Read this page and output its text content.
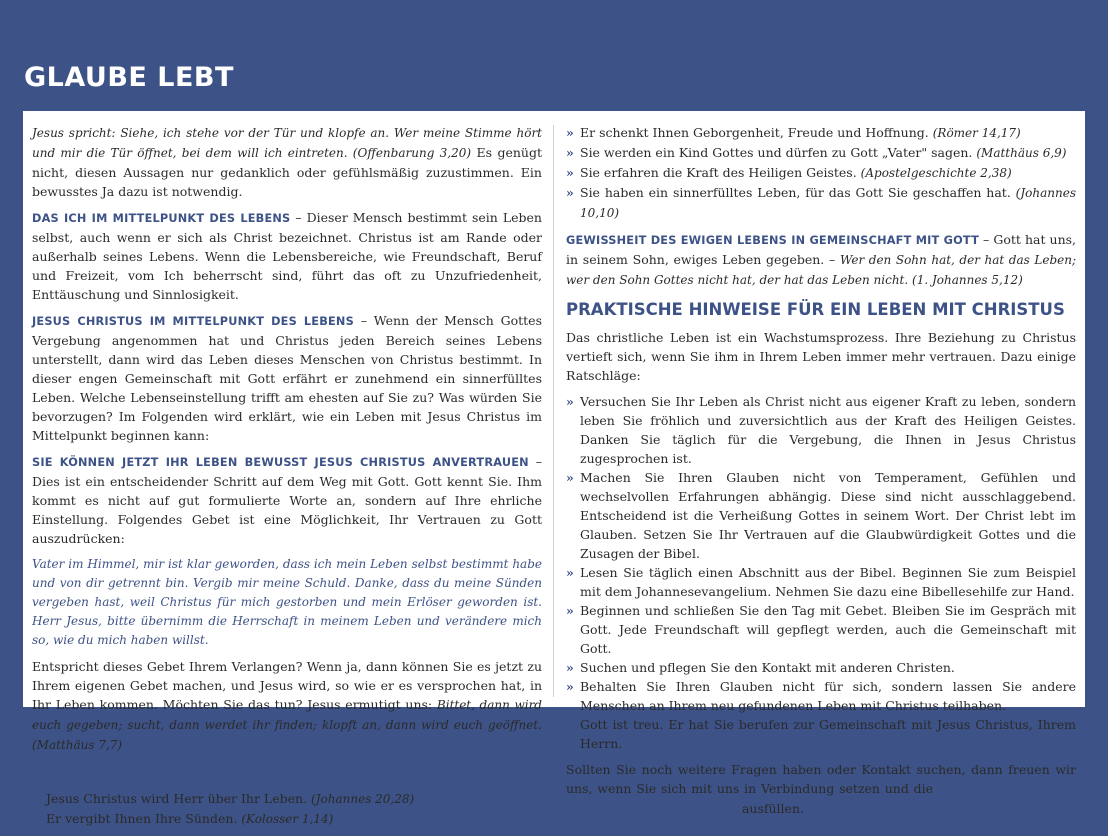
GLAUBE LEBT

Jesus spricht: Siehe, ich stehe vor der Tür und klopfe an. Wer meine Stimme hört und mir die Tür öffnet, bei dem will ich eintreten. (Offenbarung 3,20) Es genügt nicht, diesen Aussagen nur gedanklich oder gefühlsmäßig zuzustimmen. Ein bewusstes Ja dazu ist notwendig.

DAS ICH IM MITTELPUNKT DES LEBENS – Dieser Mensch bestimmt sein Leben selbst, auch wenn er sich als Christ bezeichnet. Christus ist am Rande oder außerhalb seines Lebens. Wenn die Lebensbereiche, wie Freundschaft, Beruf und Freizeit, vom Ich beherrscht sind, führt das oft zu Unzufriedenheit, Enttäuschung und Sinnlosigkeit.

JESUS CHRISTUS IM MITTELPUNKT DES LEBENS – Wenn der Mensch Gottes Vergebung angenommen hat und Christus jeden Bereich seines Lebens unterstellt, dann wird das Leben dieses Menschen von Christus bestimmt. In dieser engen Gemeinschaft mit Gott erfährt er zunehmend ein sinnerfülltes Leben. Welche Lebenseinstellung trifft am ehesten auf Sie zu? Was würden Sie bevorzugen? Im Folgenden wird erklärt, wie ein Leben mit Jesus Christus im Mittelpunkt beginnen kann:

SIE KÖNNEN JETZT IHR LEBEN BEWUSST JESUS CHRISTUS ANVERTRAUEN – Dies ist ein entscheidender Schritt auf dem Weg mit Gott. Gott kennt Sie. Ihm kommt es nicht auf gut formulierte Worte an, sondern auf Ihre ehrliche Einstellung. Folgendes Gebet ist eine Möglichkeit, Ihr Vertrauen zu Gott auszudrücken:

Vater im Himmel, mir ist klar geworden, dass ich mein Leben selbst bestimmt habe und von dir getrennt bin. Vergib mir meine Schuld. Danke, dass du meine Sünden vergeben hast, weil Christus für mich gestorben und mein Erlöser geworden ist. Herr Jesus, bitte übernimm die Herrschaft in meinem Leben und verändere mich so, wie du mich haben willst.

Entspricht dieses Gebet Ihrem Verlangen? Wenn ja, dann können Sie es jetzt zu Ihrem eigenen Gebet machen, und Jesus wird, so wie er es versprochen hat, in Ihr Leben kommen. Möchten Sie das tun? Jesus ermutigt uns: Bittet, dann wird euch gegeben; sucht, dann werdet ihr finden; klopft an, dann wird euch geöffnet. (Matthäus 7,7)

WAS GESCHIEHT, WENN SIE IHR LEBEN JESUS CHRISTUS ANVERTRAUEN?

» Jesus Christus wird Herr über Ihr Leben. (Johannes 20,28)
» Er vergibt Ihnen Ihre Sünden. (Kolosser 1,14)
» Er schenkt Ihnen Geborgenheit, Freude und Hoffnung. (Römer 14,17)
» Sie werden ein Kind Gottes und dürfen zu Gott „Vater" sagen. (Matthäus 6,9)
» Sie erfahren die Kraft des Heiligen Geistes. (Apostelgeschichte 2,38)
» Sie haben ein sinnerfülltes Leben, für das Gott Sie geschaffen hat. (Johannes 10,10)

GEWISSHEIT DES EWIGEN LEBENS IN GEMEINSCHAFT MIT GOTT – Gott hat uns, in seinem Sohn, ewiges Leben gegeben. – Wer den Sohn hat, der hat das Leben; wer den Sohn Gottes nicht hat, der hat das Leben nicht. (1. Johannes 5,12)

PRAKTISCHE HINWEISE FÜR EIN LEBEN MIT CHRISTUS

Das christliche Leben ist ein Wachstumsprozess. Ihre Beziehung zu Christus vertieft sich, wenn Sie ihm in Ihrem Leben immer mehr vertrauen. Dazu einige Ratschläge:

» Versuchen Sie Ihr Leben als Christ nicht aus eigener Kraft zu leben, sondern leben Sie fröhlich und zuversichtlich aus der Kraft des Heiligen Geistes. Danken Sie täglich für die Vergebung, die Ihnen in Jesus Christus zugesprochen ist.
» Machen Sie Ihren Glauben nicht von Temperament, Gefühlen und wechselvollen Erfahrungen abhängig. Diese sind nicht ausschlaggebend. Entscheidend ist die Verheißung Gottes in seinem Wort. Der Christ lebt im Glauben. Setzen Sie Ihr Vertrauen auf die Glaubwürdigkeit Gottes und die Zusagen der Bibel.
» Lesen Sie täglich einen Abschnitt aus der Bibel. Beginnen Sie zum Beispiel mit dem Johannesevangelium. Nehmen Sie dazu eine Bibellesehilfe zur Hand.
» Beginnen und schließen Sie den Tag mit Gebet. Bleiben Sie im Gespräch mit Gott. Jede Freundschaft will gepflegt werden, auch die Gemeinschaft mit Gott.
» Suchen und pflegen Sie den Kontakt mit anderen Christen.
» Behalten Sie Ihren Glauben nicht für sich, sondern lassen Sie andere Menschen an Ihrem neu gefundenen Leben mit Christus teilhaben.
» Gott ist treu. Er hat Sie berufen zur Gemeinschaft mit Jesus Christus, Ihrem Herrn.

Sollten Sie noch weitere Fragen haben oder Kontakt suchen, dann freuen wir uns, wenn Sie sich mit uns in Verbindung setzen und die ANTWORTKARTE AUF DER KALENDERRÜCKSEITE ausfüllen.
